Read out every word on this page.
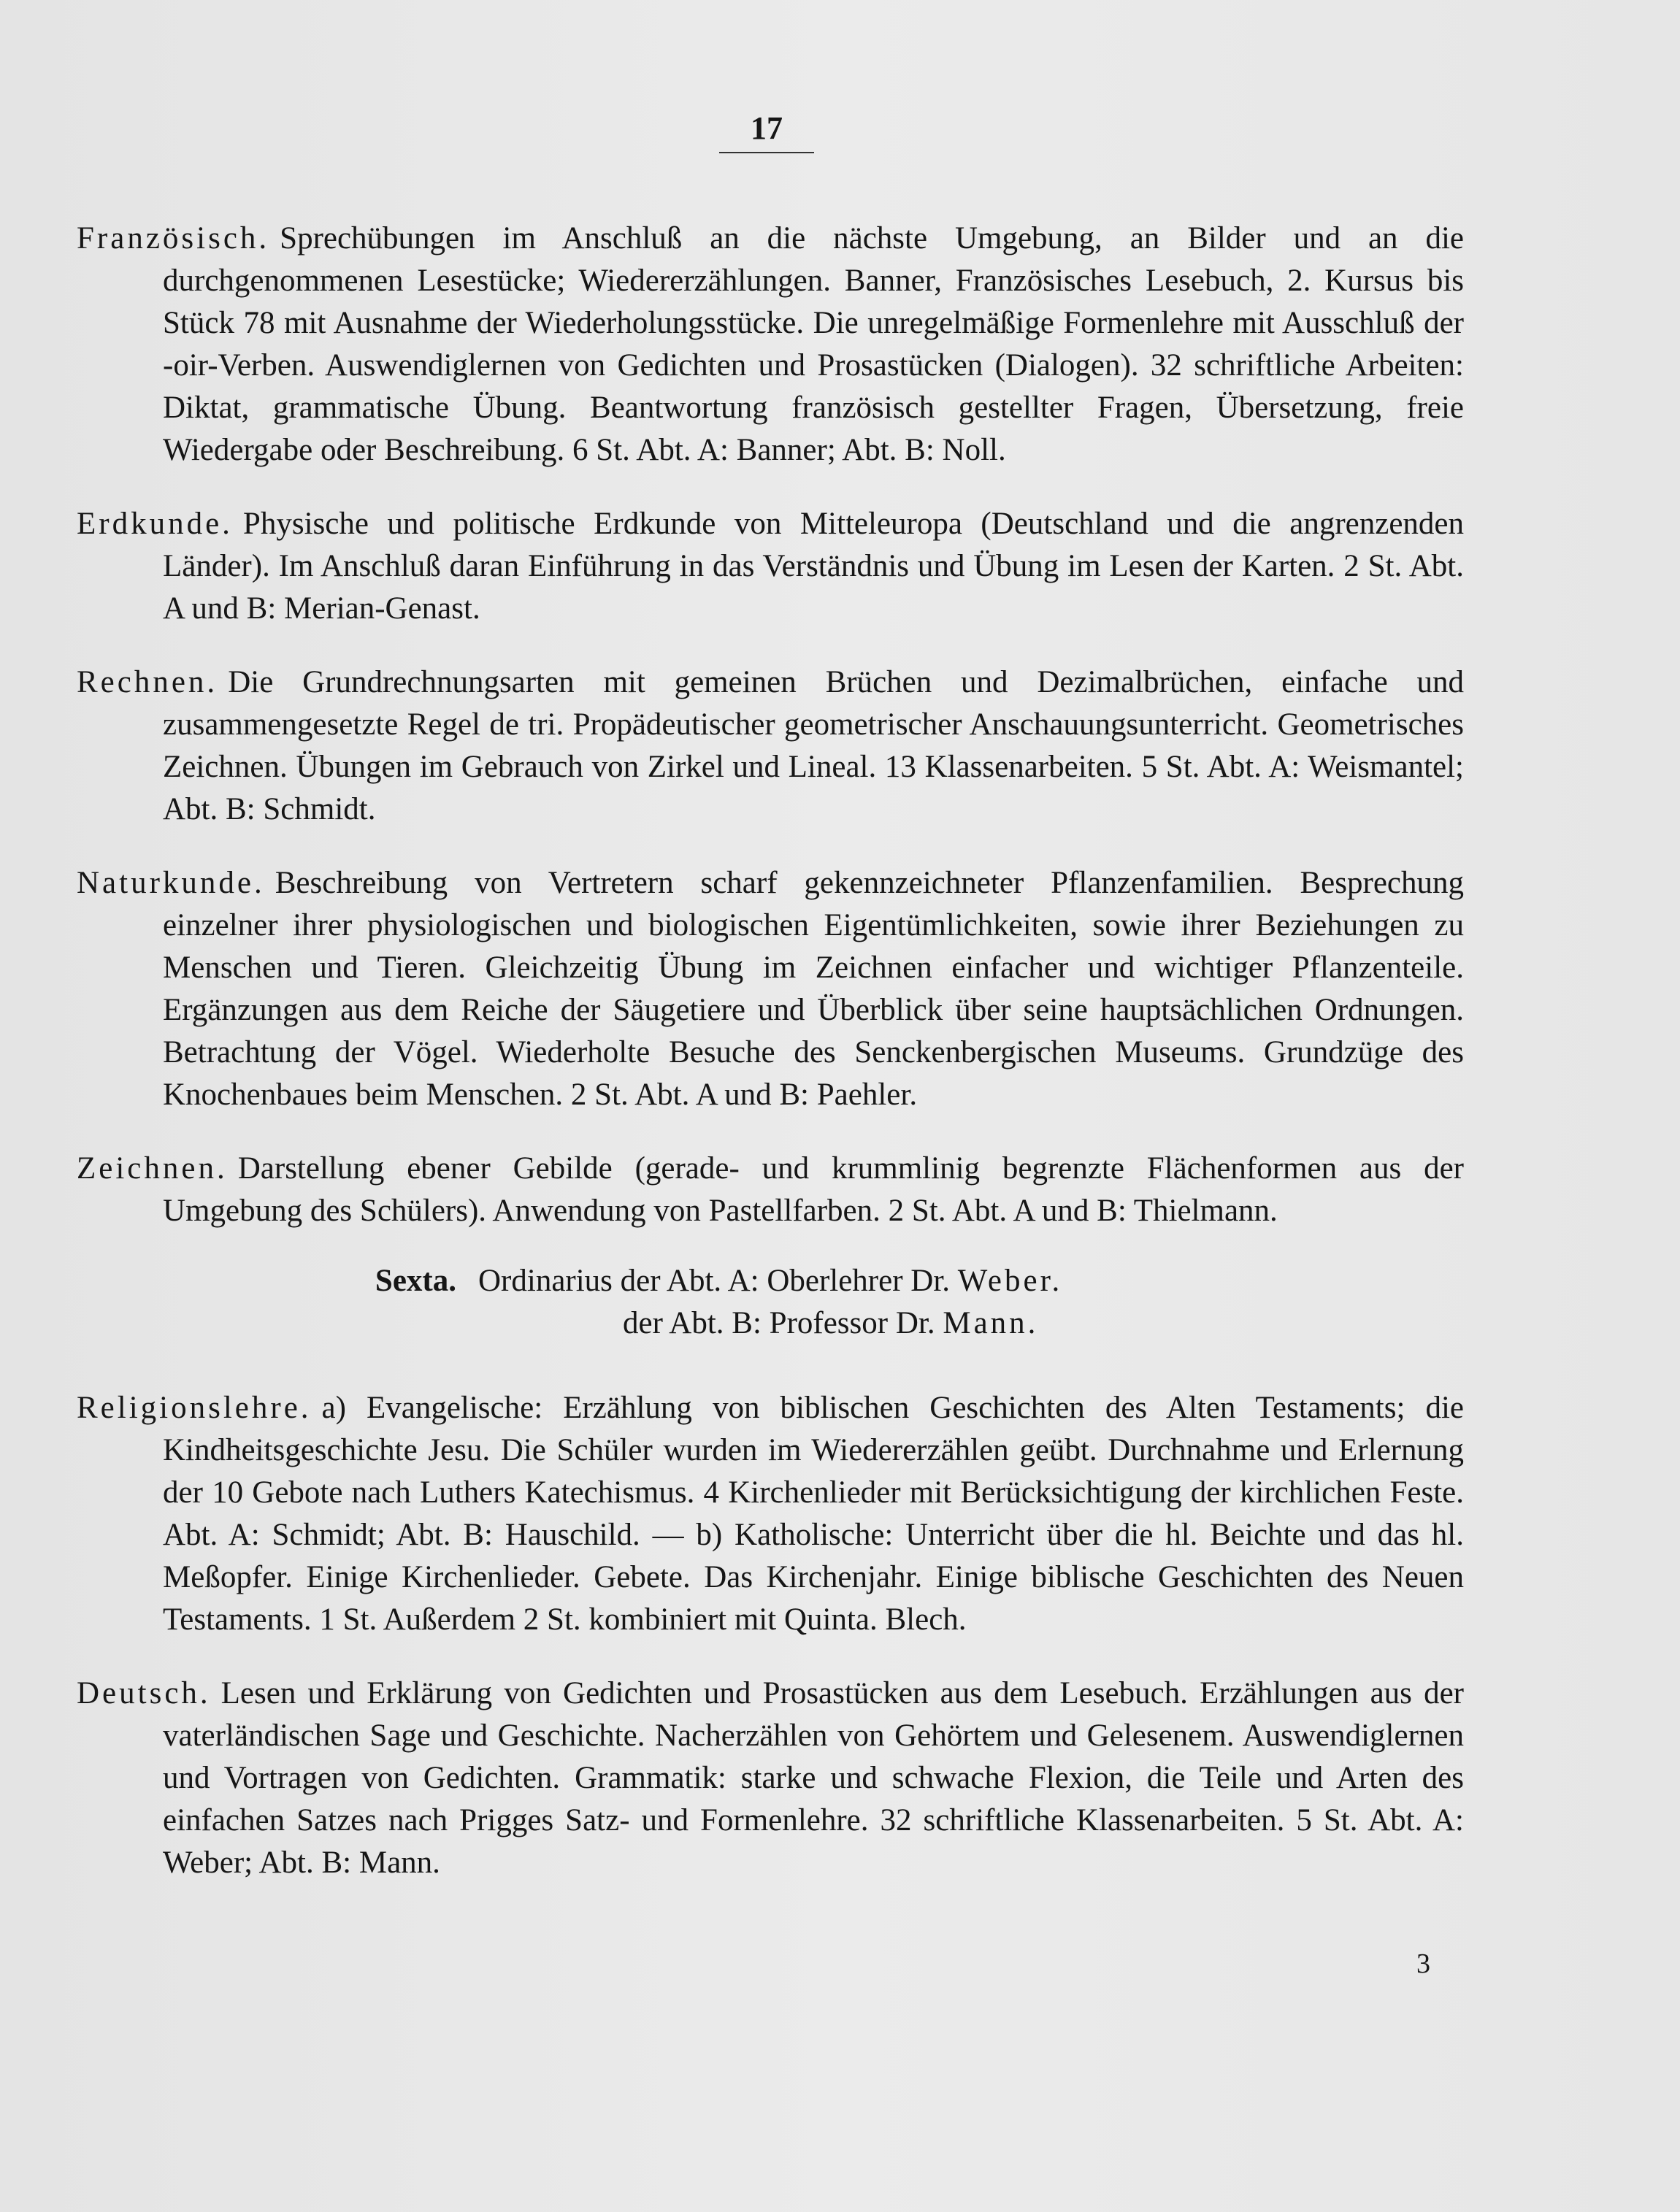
17

Französisch. Sprechübungen im Anschluß an die nächste Umgebung, an Bilder und an die durchgenommenen Lesestücke; Wiedererzählungen. Banner, Französisches Lesebuch, 2. Kursus bis Stück 78 mit Ausnahme der Wiederholungsstücke. Die unregelmäßige Formenlehre mit Ausschluß der -oir-Verben. Auswendiglernen von Gedichten und Prosastücken (Dialogen). 32 schriftliche Arbeiten: Diktat, grammatische Übung. Beantwortung französisch gestellter Fragen, Übersetzung, freie Wiedergabe oder Beschreibung. 6 St. Abt. A: Banner; Abt. B: Noll.

Erdkunde. Physische und politische Erdkunde von Mitteleuropa (Deutschland und die angrenzenden Länder). Im Anschluß daran Einführung in das Verständnis und Übung im Lesen der Karten. 2 St. Abt. A und B: Merian-Genast.

Rechnen. Die Grundrechnungsarten mit gemeinen Brüchen und Dezimalbrüchen, einfache und zusammengesetzte Regel de tri. Propädeutischer geometrischer Anschauungsunterricht. Geometrisches Zeichnen. Übungen im Gebrauch von Zirkel und Lineal. 13 Klassenarbeiten. 5 St. Abt. A: Weismantel; Abt. B: Schmidt.

Naturkunde. Beschreibung von Vertretern scharf gekennzeichneter Pflanzenfamilien. Besprechung einzelner ihrer physiologischen und biologischen Eigentümlichkeiten, sowie ihrer Beziehungen zu Menschen und Tieren. Gleichzeitig Übung im Zeichnen einfacher und wichtiger Pflanzenteile. Ergänzungen aus dem Reiche der Säugetiere und Überblick über seine hauptsächlichen Ordnungen. Betrachtung der Vögel. Wiederholte Besuche des Senckenbergischen Museums. Grundzüge des Knochenbaues beim Menschen. 2 St. Abt. A und B: Paehler.

Zeichnen. Darstellung ebener Gebilde (gerade- und krummlinig begrenzte Flächenformen aus der Umgebung des Schülers). Anwendung von Pastellfarben. 2 St. Abt. A und B: Thielmann.

Sexta. Ordinarius der Abt. A: Oberlehrer Dr.
Weber.
der Abt. B: Professor Dr.
Mann.

Religionslehre. a) Evangelische: Erzählung von biblischen Geschichten des Alten Testaments; die Kindheitsgeschichte Jesu. Die Schüler wurden im Wiedererzählen geübt. Durchnahme und Erlernung der 10 Gebote nach Luthers Katechismus. 4 Kirchenlieder mit Berücksichtigung der kirchlichen Feste. Abt. A: Schmidt; Abt. B: Hauschild. — b) Katholische: Unterricht über die hl. Beichte und das hl. Meßopfer. Einige Kirchenlieder. Gebete. Das Kirchenjahr. Einige biblische Geschichten des Neuen Testaments. 1 St. Außerdem 2 St. kombiniert mit Quinta. Blech.

Deutsch. Lesen und Erklärung von Gedichten und Prosastücken aus dem Lesebuch. Erzählungen aus der vaterländischen Sage und Geschichte. Nacherzählen von Gehörtem und Gelesenem. Auswendiglernen und Vortragen von Gedichten. Grammatik: starke und schwache Flexion, die Teile und Arten des einfachen Satzes nach Prigges Satz- und Formenlehre. 32 schriftliche Klassenarbeiten. 5 St. Abt. A: Weber; Abt. B: Mann.

3
